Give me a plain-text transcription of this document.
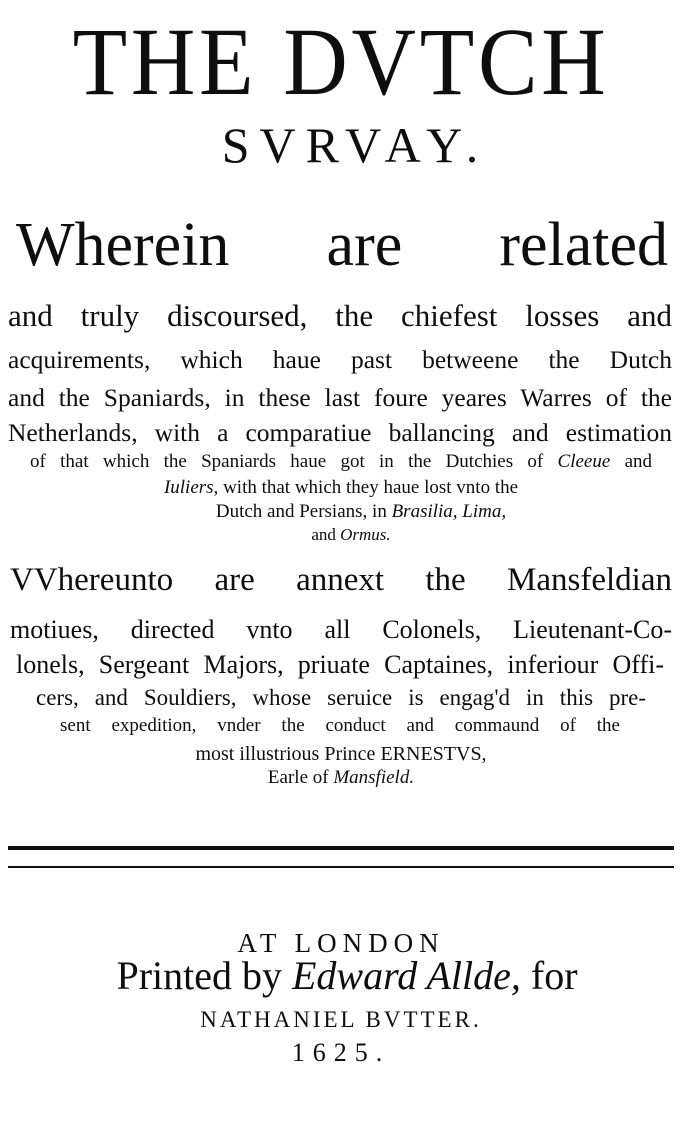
THE DVTCH
SVRVAY.
Wherein are related
and truly discoursed, the chiefest losses and
acquirements, which haue past betweene the Dutch
and the Spaniards, in these last foure yeares Warres of the
Netherlands, with a comparatiue ballancing and estimation
of that which the Spaniards haue got in the Dutchies of Cleeue and
Iuliers, with that which they haue lost vnto the
Dutch and Persians, in Brasilia, Lima,
and Ormus.
VVhereunto are annext the Mansfeldian
motiues, directed vnto all Colonels, Lieutenant-Co-
lonels, Sergeant Majors, priuate Captaines, inferiour Offi-
cers, and Souldiers, whose seruice is engag'd in this pre-
sent expedition, vnder the conduct and commaund of the
most illustrious Prince ERNESTVS,
Earle of Mansfield.
AT LONDON
Printed by Edward Allde, for
NATHANIEL BVTTER.
1625.
